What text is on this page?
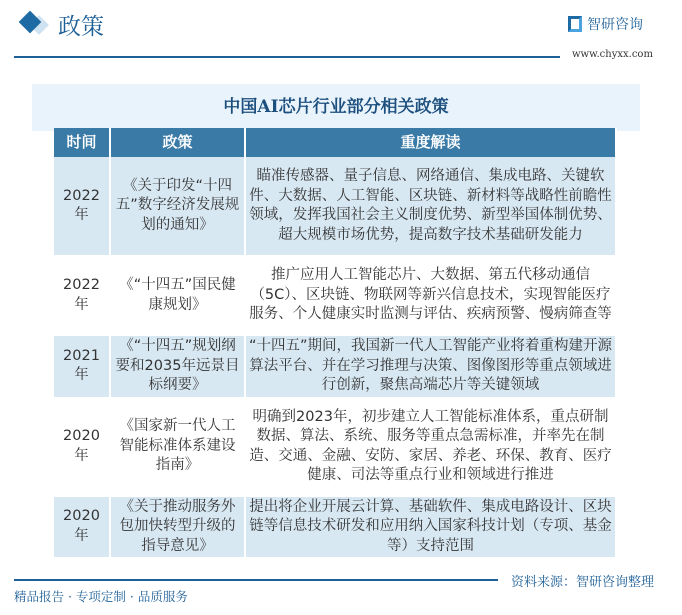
政策	智研咨询
www.chyxx.com
中国AI芯片行业部分相关政策
时间	政策	重度解读
2022年	《关于印发“十四五”数字经济发展规划的通知》	瞄准传感器、量子信息、网络通信、集成电路、关键软件、大数据、人工智能、区块链、新材料等战略性前瞻性领域，发挥我国社会主义制度优势、新型举国体制优势、超大规模市场优势，提高数字技术基础研发能力
2022年	《“十四五”国民健康规划》	推广应用人工智能芯片、大数据、第五代移动通信（5C）、区块链、物联网等新兴信息技术，实现智能医疗服务、个人健康实时监测与评估、疾病预警、慢病筛查等
2021年	《“十四五”规划纲要和2035年远景目标纲要》	“十四五”期间，我国新一代人工智能产业将着重构建开源算法平台、并在学习推理与决策、图像图形等重点领域进行创新，聚焦高端芯片等关键领域
2020年	《国家新一代人工智能标准体系建设指南》	明确到2023年，初步建立人工智能标准体系，重点研制数据、算法、系统、服务等重点急需标准，并率先在制造、交通、金融、安防、家居、养老、环保、教育、医疗健康、司法等重点行业和领域进行推进
2020年	《关于推动服务外包加快转型升级的指导意见》	提出将企业开展云计算、基础软件、集成电路设计、区块链等信息技术研发和应用纳入国家科技计划（专项、基金等）支持范围
资料来源：智研咨询整理
精品报告 · 专项定制 · 品质服务
